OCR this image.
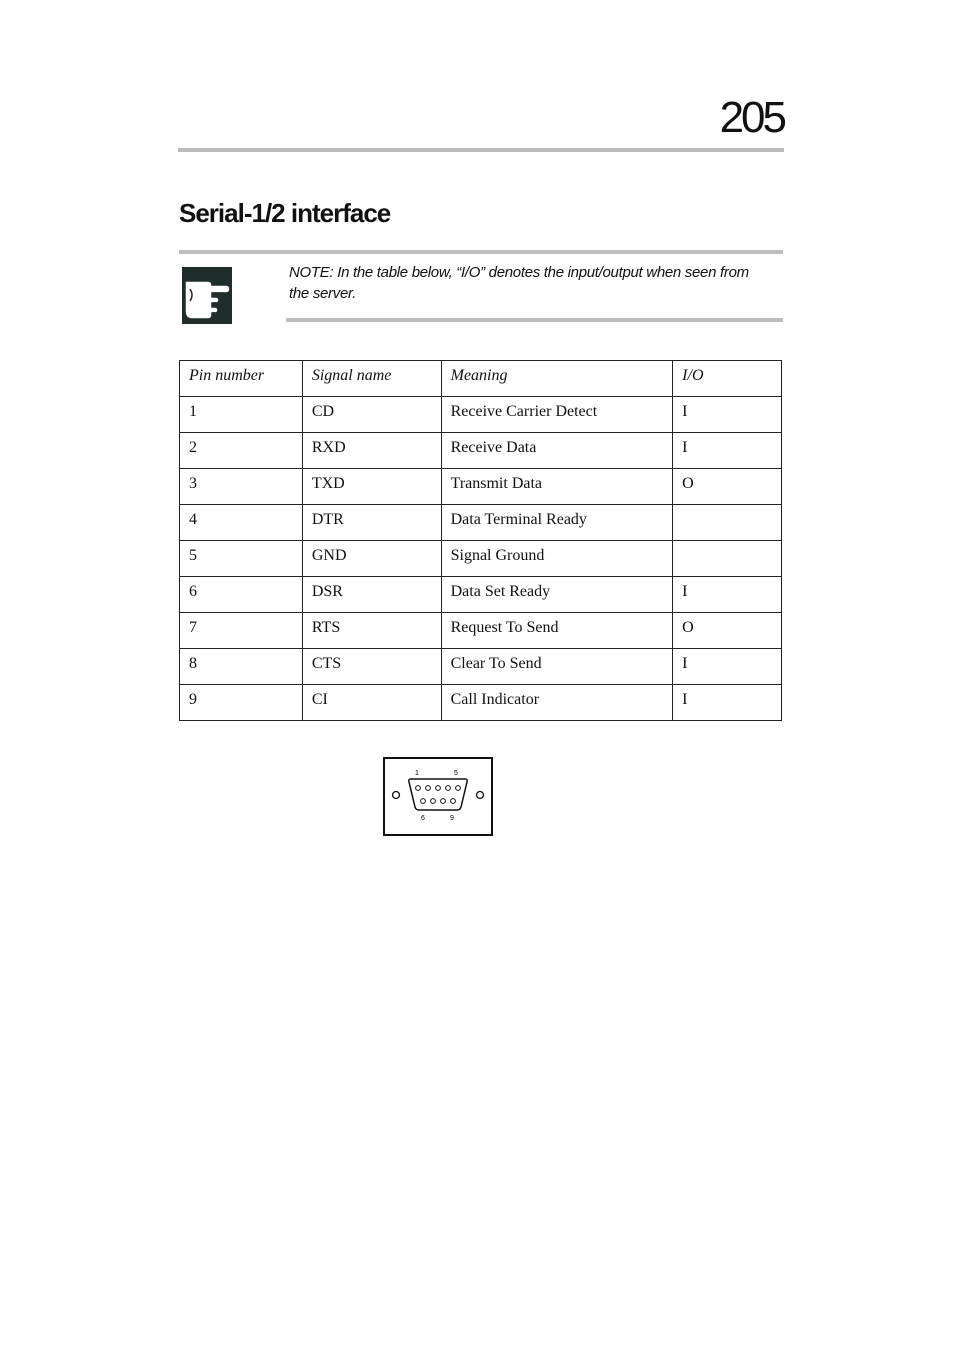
205
Serial-1/2 interface
NOTE: In the table below, “I/O” denotes the input/output when seen from the server.
Pin number	Signal name	Meaning	I/O
1	CD	Receive Carrier Detect	I
2	RXD	Receive Data	I
3	TXD	Transmit Data	O
4	DTR	Data Terminal Ready	
5	GND	Signal Ground	
6	DSR	Data Set Ready	I
7	RTS	Request To Send	O
8	CTS	Clear To Send	I
9	CI	Call Indicator	I
1	5
6	9
